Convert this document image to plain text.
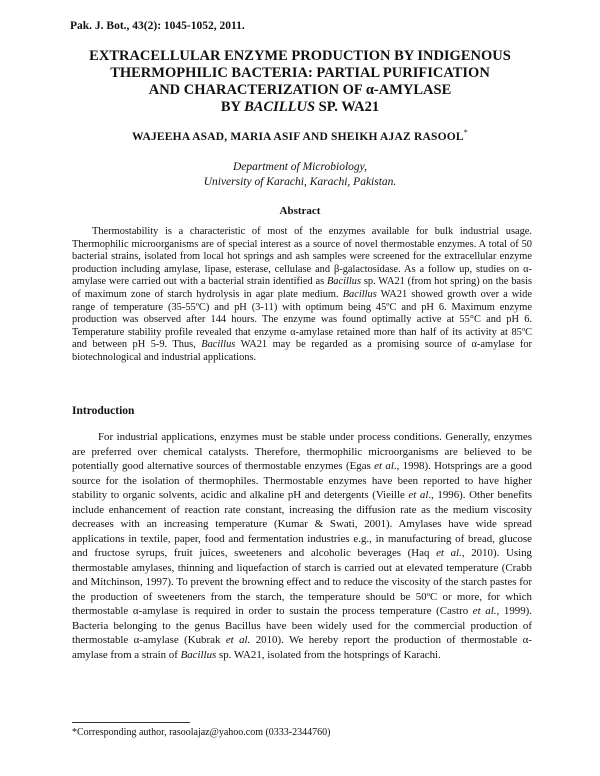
Pak. J. Bot., 43(2): 1045-1052, 2011.
EXTRACELLULAR ENZYME PRODUCTION BY INDIGENOUS
THERMOPHILIC BACTERIA: PARTIAL PURIFICATION
AND CHARACTERIZATION OF α-AMYLASE
BY BACILLUS SP. WA21
WAJEEHA ASAD, MARIA ASIF AND SHEIKH AJAZ RASOOL*
Department of Microbiology,
University of Karachi, Karachi, Pakistan.
Abstract
Thermostability is a characteristic of most of the enzymes available for bulk industrial usage. Thermophilic microorganisms are of special interest as a source of novel thermostable enzymes. A total of 50 bacterial strains, isolated from local hot springs and ash samples were screened for the extracellular enzyme production including amylase, lipase, esterase, cellulase and β-galactosidase. As a follow up, studies on α-amylase were carried out with a bacterial strain identified as Bacillus sp. WA21 (from hot spring) on the basis of maximum zone of starch hydrolysis in agar plate medium. Bacillus WA21 showed growth over a wide range of temperature (35-55ºC) and pH (3-11) with optimum being 45ºC and pH 6. Maximum enzyme production was observed after 144 hours. The enzyme was found optimally active at 55°C and pH 6. Temperature stability profile revealed that enzyme α-amylase retained more than half of its activity at 85ºC and between pH 5-9. Thus, Bacillus WA21 may be regarded as a promising source of α-amylase for biotechnological and industrial applications.
Introduction
For industrial applications, enzymes must be stable under process conditions. Generally, enzymes are preferred over chemical catalysts. Therefore, thermophilic microorganisms are believed to be potentially good alternative sources of thermostable enzymes (Egas et al., 1998). Hotsprings are a good source for the isolation of thermophiles. Thermostable enzymes have been reported to have higher stability to organic solvents, acidic and alkaline pH and detergents (Vieille et al., 1996). Other benefits include enhancement of reaction rate constant, increasing the diffusion rate as the medium viscosity decreases with an increasing temperature (Kumar & Swati, 2001). Amylases have wide spread applications in textile, paper, food and fermentation industries e.g., in manufacturing of bread, glucose and fructose syrups, fruit juices, sweeteners and alcoholic beverages (Haq et al., 2010). Using thermostable amylases, thinning and liquefaction of starch is carried out at elevated temperature (Crabb and Mitchinson, 1997). To prevent the browning effect and to reduce the viscosity of the starch pastes for the production of sweeteners from the starch, the temperature should be 50ºC or more, for which thermostable α-amylase is required in order to sustain the process temperature (Castro et al., 1999). Bacteria belonging to the genus Bacillus have been widely used for the commercial production of thermostable α-amylase (Kubrak et al. 2010). We hereby report the production of thermostable α-amylase from a strain of Bacillus sp. WA21, isolated from the hotsprings of Karachi.
*Corresponding author, rasoolajaz@yahoo.com (0333-2344760)
